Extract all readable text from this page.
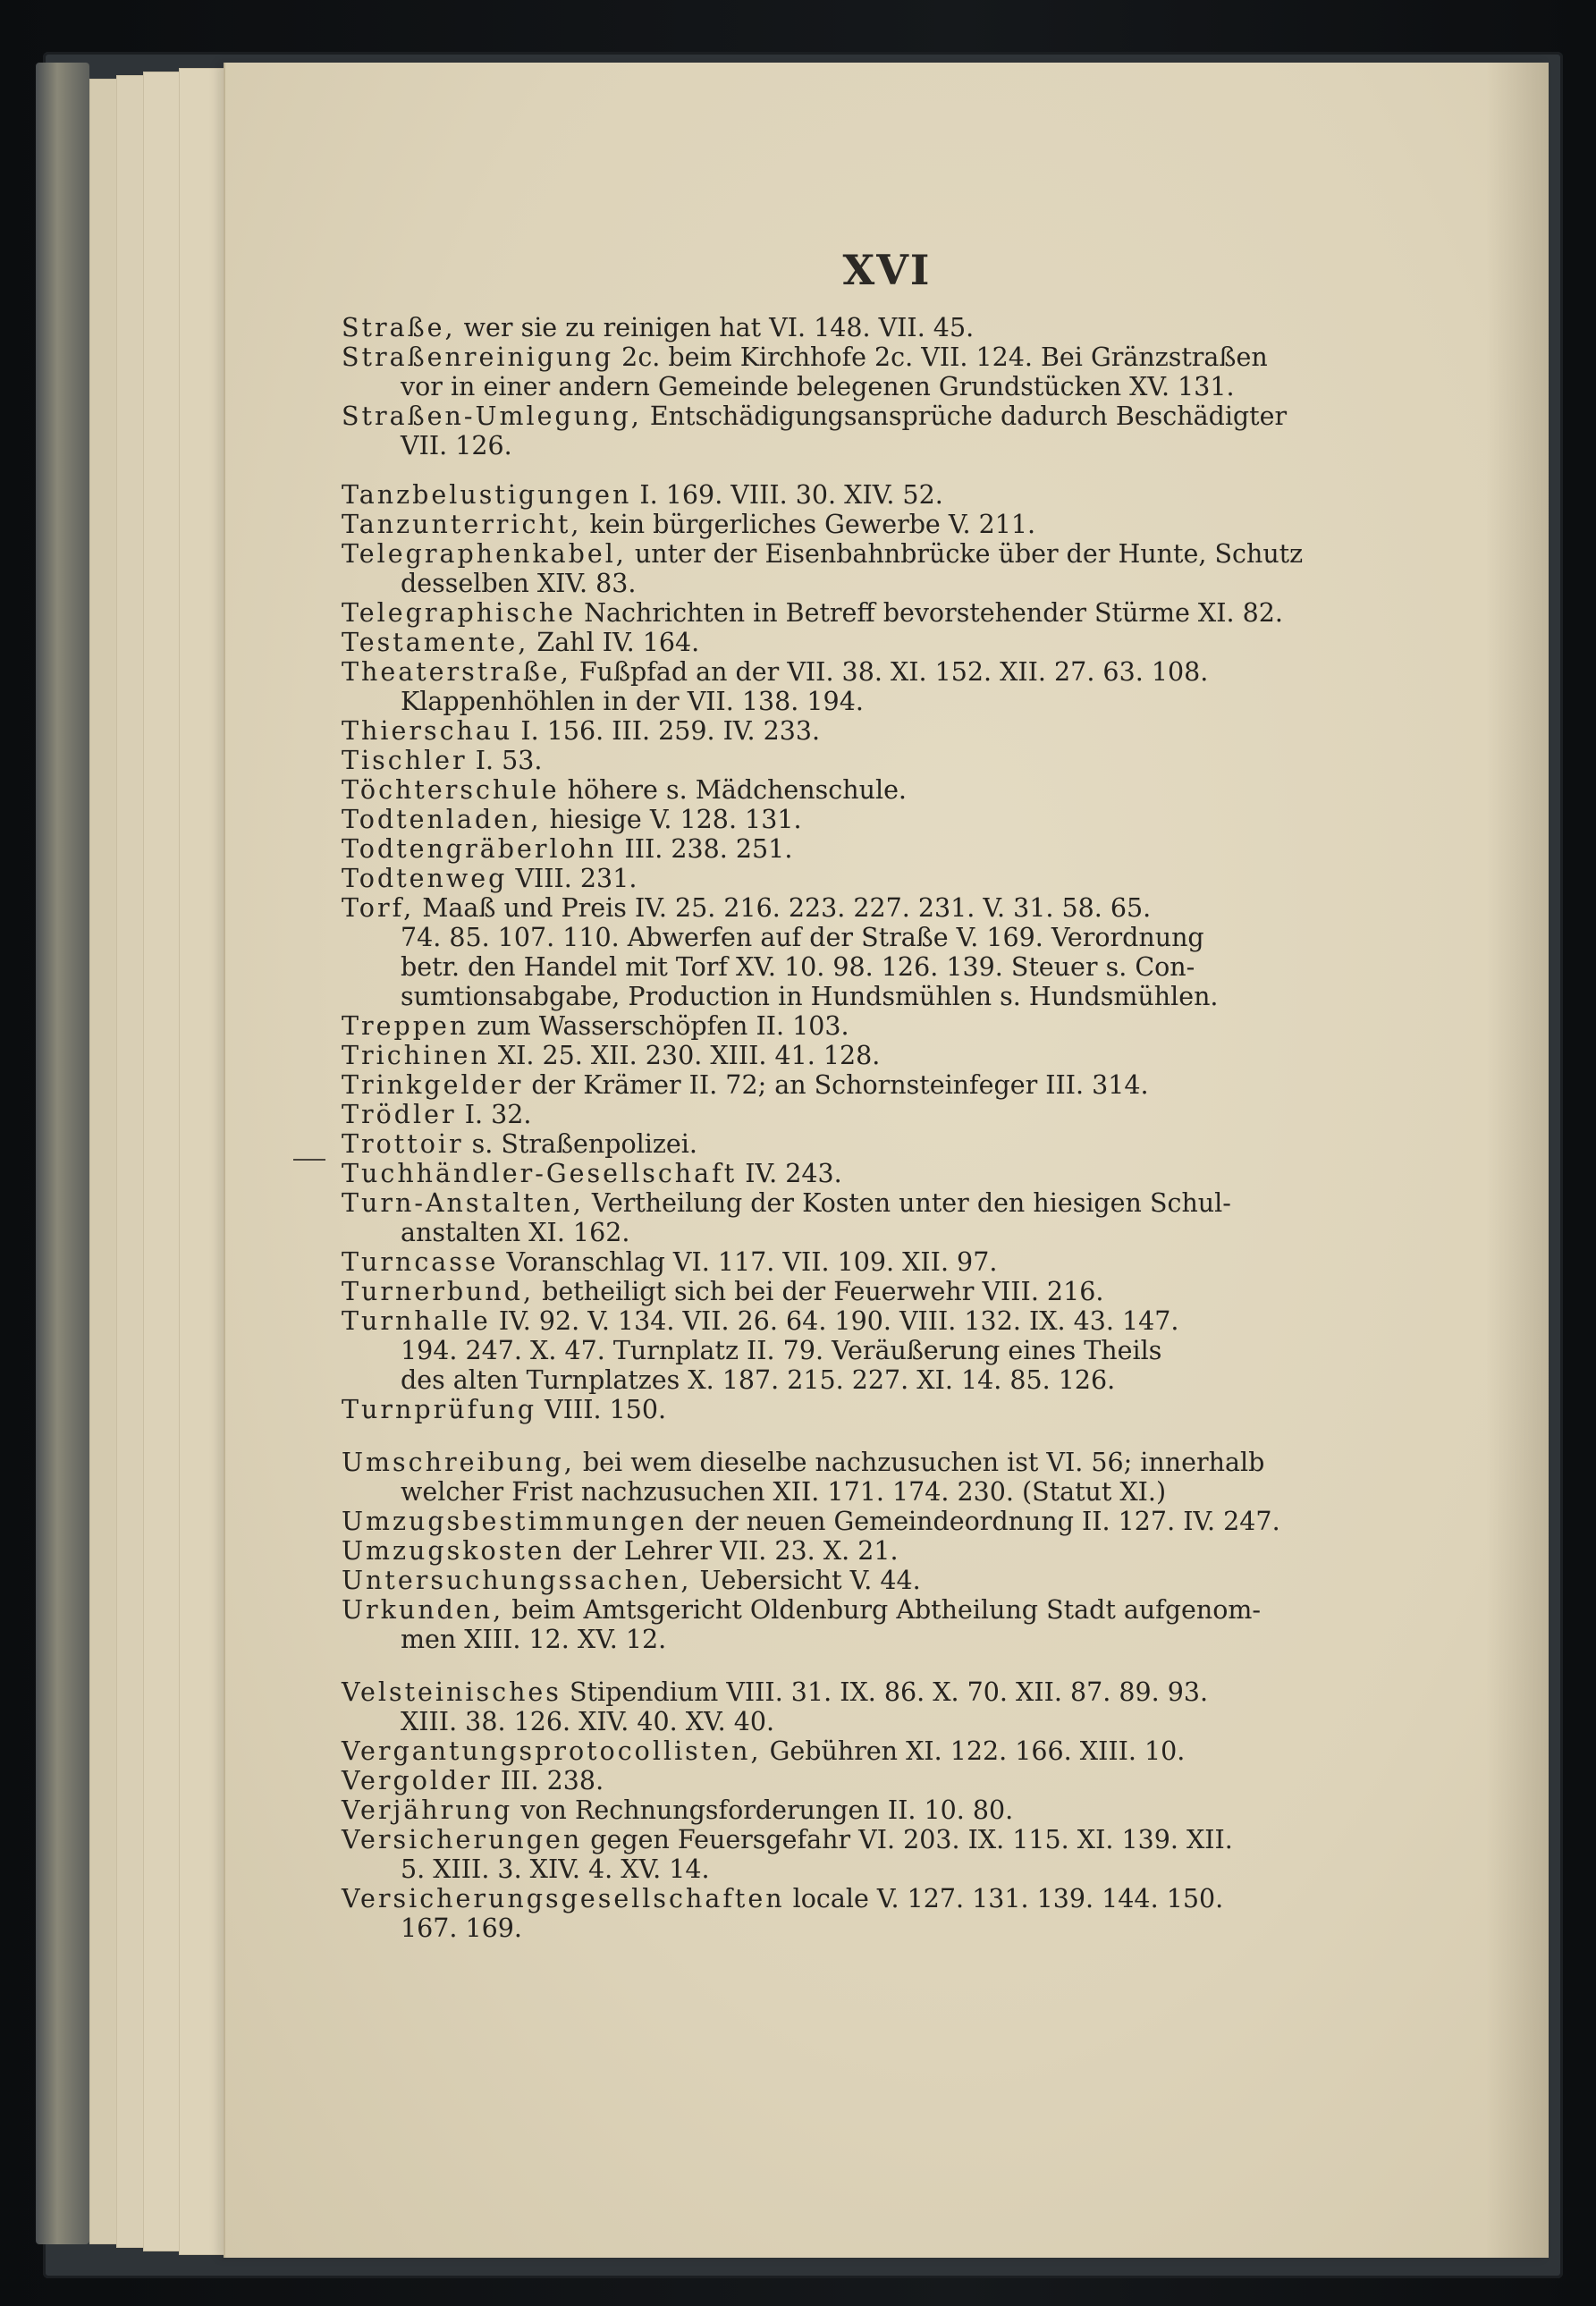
XVI
Straße, wer sie zu reinigen hat VI. 148. VII. 45.
Straßenreinigung 2c. beim Kirchhofe 2c. VII. 124. Bei Gränzstraßen
vor in einer andern Gemeinde belegenen Grundstücken XV. 131.
Straßen-Umlegung, Entschädigungsansprüche dadurch Beschädigter
VII. 126.
Tanzbelustigungen I. 169. VIII. 30. XIV. 52.
Tanzunterricht, kein bürgerliches Gewerbe V. 211.
Telegraphenkabel, unter der Eisenbahnbrücke über der Hunte, Schutz
desselben XIV. 83.
Telegraphische Nachrichten in Betreff bevorstehender Stürme XI. 82.
Testamente, Zahl IV. 164.
Theaterstraße, Fußpfad an der VII. 38. XI. 152. XII. 27. 63. 108.
Klappenhöhlen in der VII. 138. 194.
Thierschau I. 156. III. 259. IV. 233.
Tischler I. 53.
Töchterschule höhere s. Mädchenschule.
Todtenladen, hiesige V. 128. 131.
Todtengräberlohn III. 238. 251.
Todtenweg VIII. 231.
Torf, Maaß und Preis IV. 25. 216. 223. 227. 231. V. 31. 58. 65.
74. 85. 107. 110. Abwerfen auf der Straße V. 169. Verordnung
betr. den Handel mit Torf XV. 10. 98. 126. 139. Steuer s. Con-
sumtionsabgabe, Production in Hundsmühlen s. Hundsmühlen.
Treppen zum Wasserschöpfen II. 103.
Trichinen XI. 25. XII. 230. XIII. 41. 128.
Trinkgelder der Krämer II. 72; an Schornsteinfeger III. 314.
Trödler I. 32.
Trottoir s. Straßenpolizei.
Tuchhändler-Gesellschaft IV. 243.
Turn-Anstalten, Vertheilung der Kosten unter den hiesigen Schul-
anstalten XI. 162.
Turncasse Voranschlag VI. 117. VII. 109. XII. 97.
Turnerbund, betheiligt sich bei der Feuerwehr VIII. 216.
Turnhalle IV. 92. V. 134. VII. 26. 64. 190. VIII. 132. IX. 43. 147.
194. 247. X. 47. Turnplatz II. 79. Veräußerung eines Theils
des alten Turnplatzes X. 187. 215. 227. XI. 14. 85. 126.
Turnprüfung VIII. 150.
Umschreibung, bei wem dieselbe nachzusuchen ist VI. 56; innerhalb
welcher Frist nachzusuchen XII. 171. 174. 230. (Statut XI.)
Umzugsbestimmungen der neuen Gemeindeordnung II. 127. IV. 247.
Umzugskosten der Lehrer VII. 23. X. 21.
Untersuchungssachen, Uebersicht V. 44.
Urkunden, beim Amtsgericht Oldenburg Abtheilung Stadt aufgenom-
men XIII. 12. XV. 12.
Velsteinisches Stipendium VIII. 31. IX. 86. X. 70. XII. 87. 89. 93.
XIII. 38. 126. XIV. 40. XV. 40.
Vergantungsprotocollisten, Gebühren XI. 122. 166. XIII. 10.
Vergolder III. 238.
Verjährung von Rechnungsforderungen II. 10. 80.
Versicherungen gegen Feuersgefahr VI. 203. IX. 115. XI. 139. XII.
5. XIII. 3. XIV. 4. XV. 14.
Versicherungsgesellschaften locale V. 127. 131. 139. 144. 150.
167. 169.
